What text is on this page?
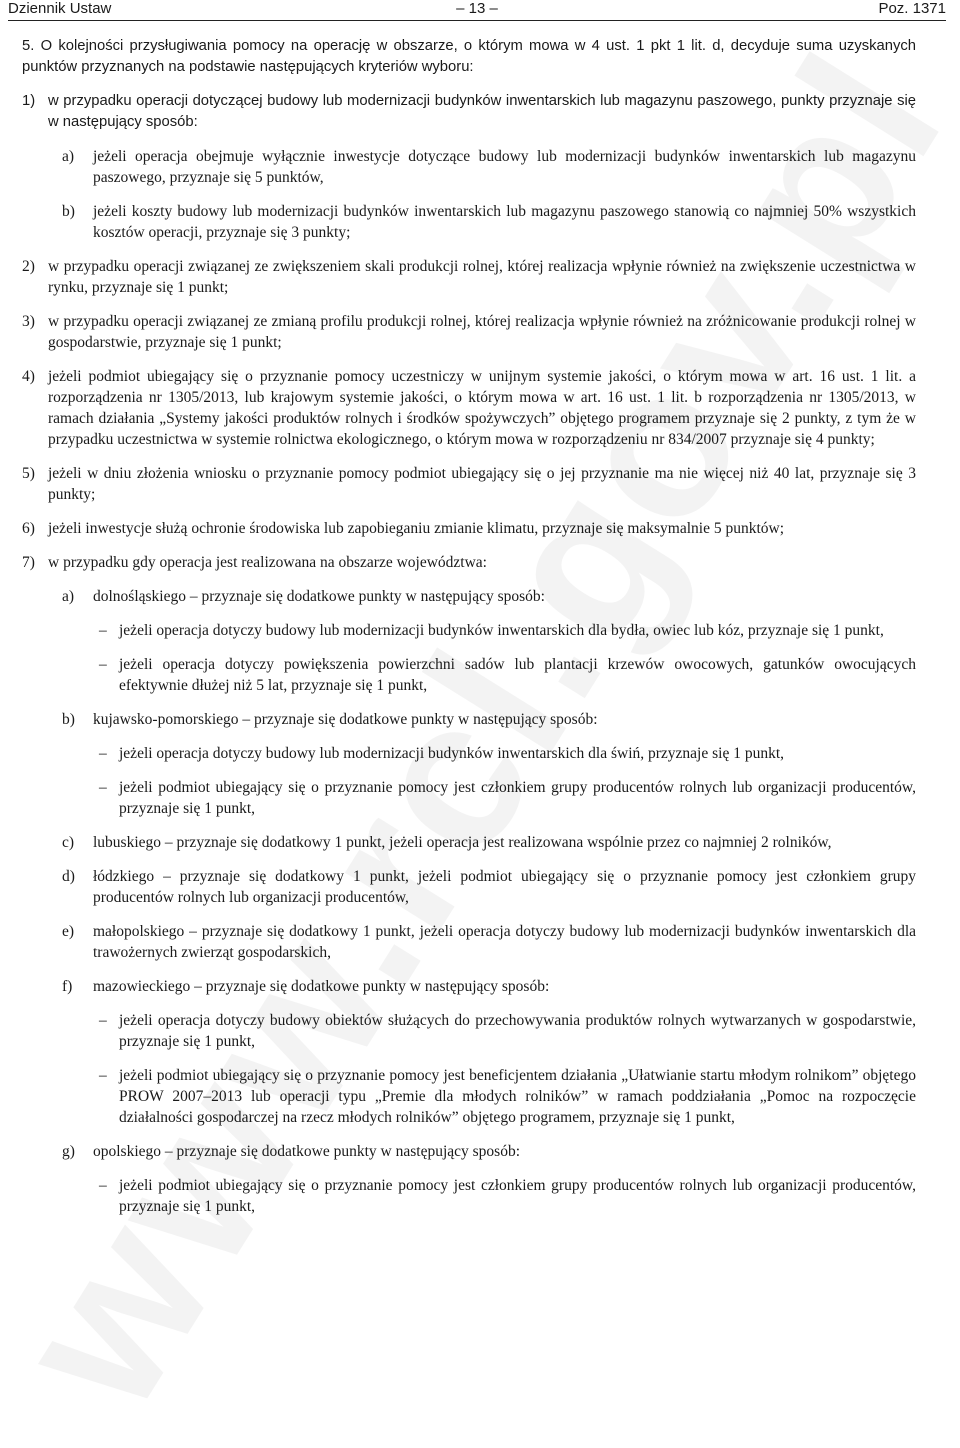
Dziennik Ustaw	– 13 –	Poz. 1371
5. O kolejności przysługiwania pomocy na operację w obszarze, o którym mowa w 4 ust. 1 pkt 1 lit. d, decyduje suma uzyskanych punktów przyznanych na podstawie następujących kryteriów wyboru:
1) w przypadku operacji dotyczącej budowy lub modernizacji budynków inwentarskich lub magazynu paszowego, punkty przyznaje się w następujący sposób:
a) jeżeli operacja obejmuje wyłącznie inwestycje dotyczące budowy lub modernizacji budynków inwentarskich lub magazynu paszowego, przyznaje się 5 punktów,
b) jeżeli koszty budowy lub modernizacji budynków inwentarskich lub magazynu paszowego stanowią co najmniej 50% wszystkich kosztów operacji, przyznaje się 3 punkty;
2) w przypadku operacji związanej ze zwiększeniem skali produkcji rolnej, której realizacja wpłynie również na zwiększenie uczestnictwa w rynku, przyznaje się 1 punkt;
3) w przypadku operacji związanej ze zmianą profilu produkcji rolnej, której realizacja wpłynie również na zróżnicowanie produkcji rolnej w gospodarstwie, przyznaje się 1 punkt;
4) jeżeli podmiot ubiegający się o przyznanie pomocy uczestniczy w unijnym systemie jakości, o którym mowa w art. 16 ust. 1 lit. a rozporządzenia nr 1305/2013, lub krajowym systemie jakości, o którym mowa w art. 16 ust. 1 lit. b rozporządzenia nr 1305/2013, w ramach działania „Systemy jakości produktów rolnych i środków spożywczych” objętego programem przyznaje się 2 punkty, z tym że w przypadku uczestnictwa w systemie rolnictwa ekologicznego, o którym mowa w rozporządzeniu nr 834/2007 przyznaje się 4 punkty;
5) jeżeli w dniu złożenia wniosku o przyznanie pomocy podmiot ubiegający się o jej przyznanie ma nie więcej niż 40 lat, przyznaje się 3 punkty;
6) jeżeli inwestycje służą ochronie środowiska lub zapobieganiu zmianie klimatu, przyznaje się maksymalnie 5 punktów;
7) w przypadku gdy operacja jest realizowana na obszarze województwa:
a) dolnośląskiego – przyznaje się dodatkowe punkty w następujący sposób:
– jeżeli operacja dotyczy budowy lub modernizacji budynków inwentarskich dla bydła, owiec lub kóz, przyznaje się 1 punkt,
– jeżeli operacja dotyczy powiększenia powierzchni sadów lub plantacji krzewów owocowych, gatunków owocujących efektywnie dłużej niż 5 lat, przyznaje się 1 punkt,
b) kujawsko-pomorskiego – przyznaje się dodatkowe punkty w następujący sposób:
– jeżeli operacja dotyczy budowy lub modernizacji budynków inwentarskich dla świń, przyznaje się 1 punkt,
– jeżeli podmiot ubiegający się o przyznanie pomocy jest członkiem grupy producentów rolnych lub organizacji producentów, przyznaje się 1 punkt,
c) lubuskiego – przyznaje się dodatkowy 1 punkt, jeżeli operacja jest realizowana wspólnie przez co najmniej 2 rolników,
d) łódzkiego – przyznaje się dodatkowy 1 punkt, jeżeli podmiot ubiegający się o przyznanie pomocy jest członkiem grupy producentów rolnych lub organizacji producentów,
e) małopolskiego – przyznaje się dodatkowy 1 punkt, jeżeli operacja dotyczy budowy lub modernizacji budynków inwentarskich dla trawożernych zwierząt gospodarskich,
f) mazowieckiego – przyznaje się dodatkowe punkty w następujący sposób:
– jeżeli operacja dotyczy budowy obiektów służących do przechowywania produktów rolnych wytwarzanych w gospodarstwie, przyznaje się 1 punkt,
– jeżeli podmiot ubiegający się o przyznanie pomocy jest beneficjentem działania „Ułatwianie startu młodym rolnikom” objętego PROW 2007–2013 lub operacji typu „Premie dla młodych rolników” w ramach poddziałania „Pomoc na rozpoczęcie działalności gospodarczej na rzecz młodych rolników” objętego programem, przyznaje się 1 punkt,
g) opolskiego – przyznaje się dodatkowe punkty w następujący sposób:
– jeżeli podmiot ubiegający się o przyznanie pomocy jest członkiem grupy producentów rolnych lub organizacji producentów, przyznaje się 1 punkt,
